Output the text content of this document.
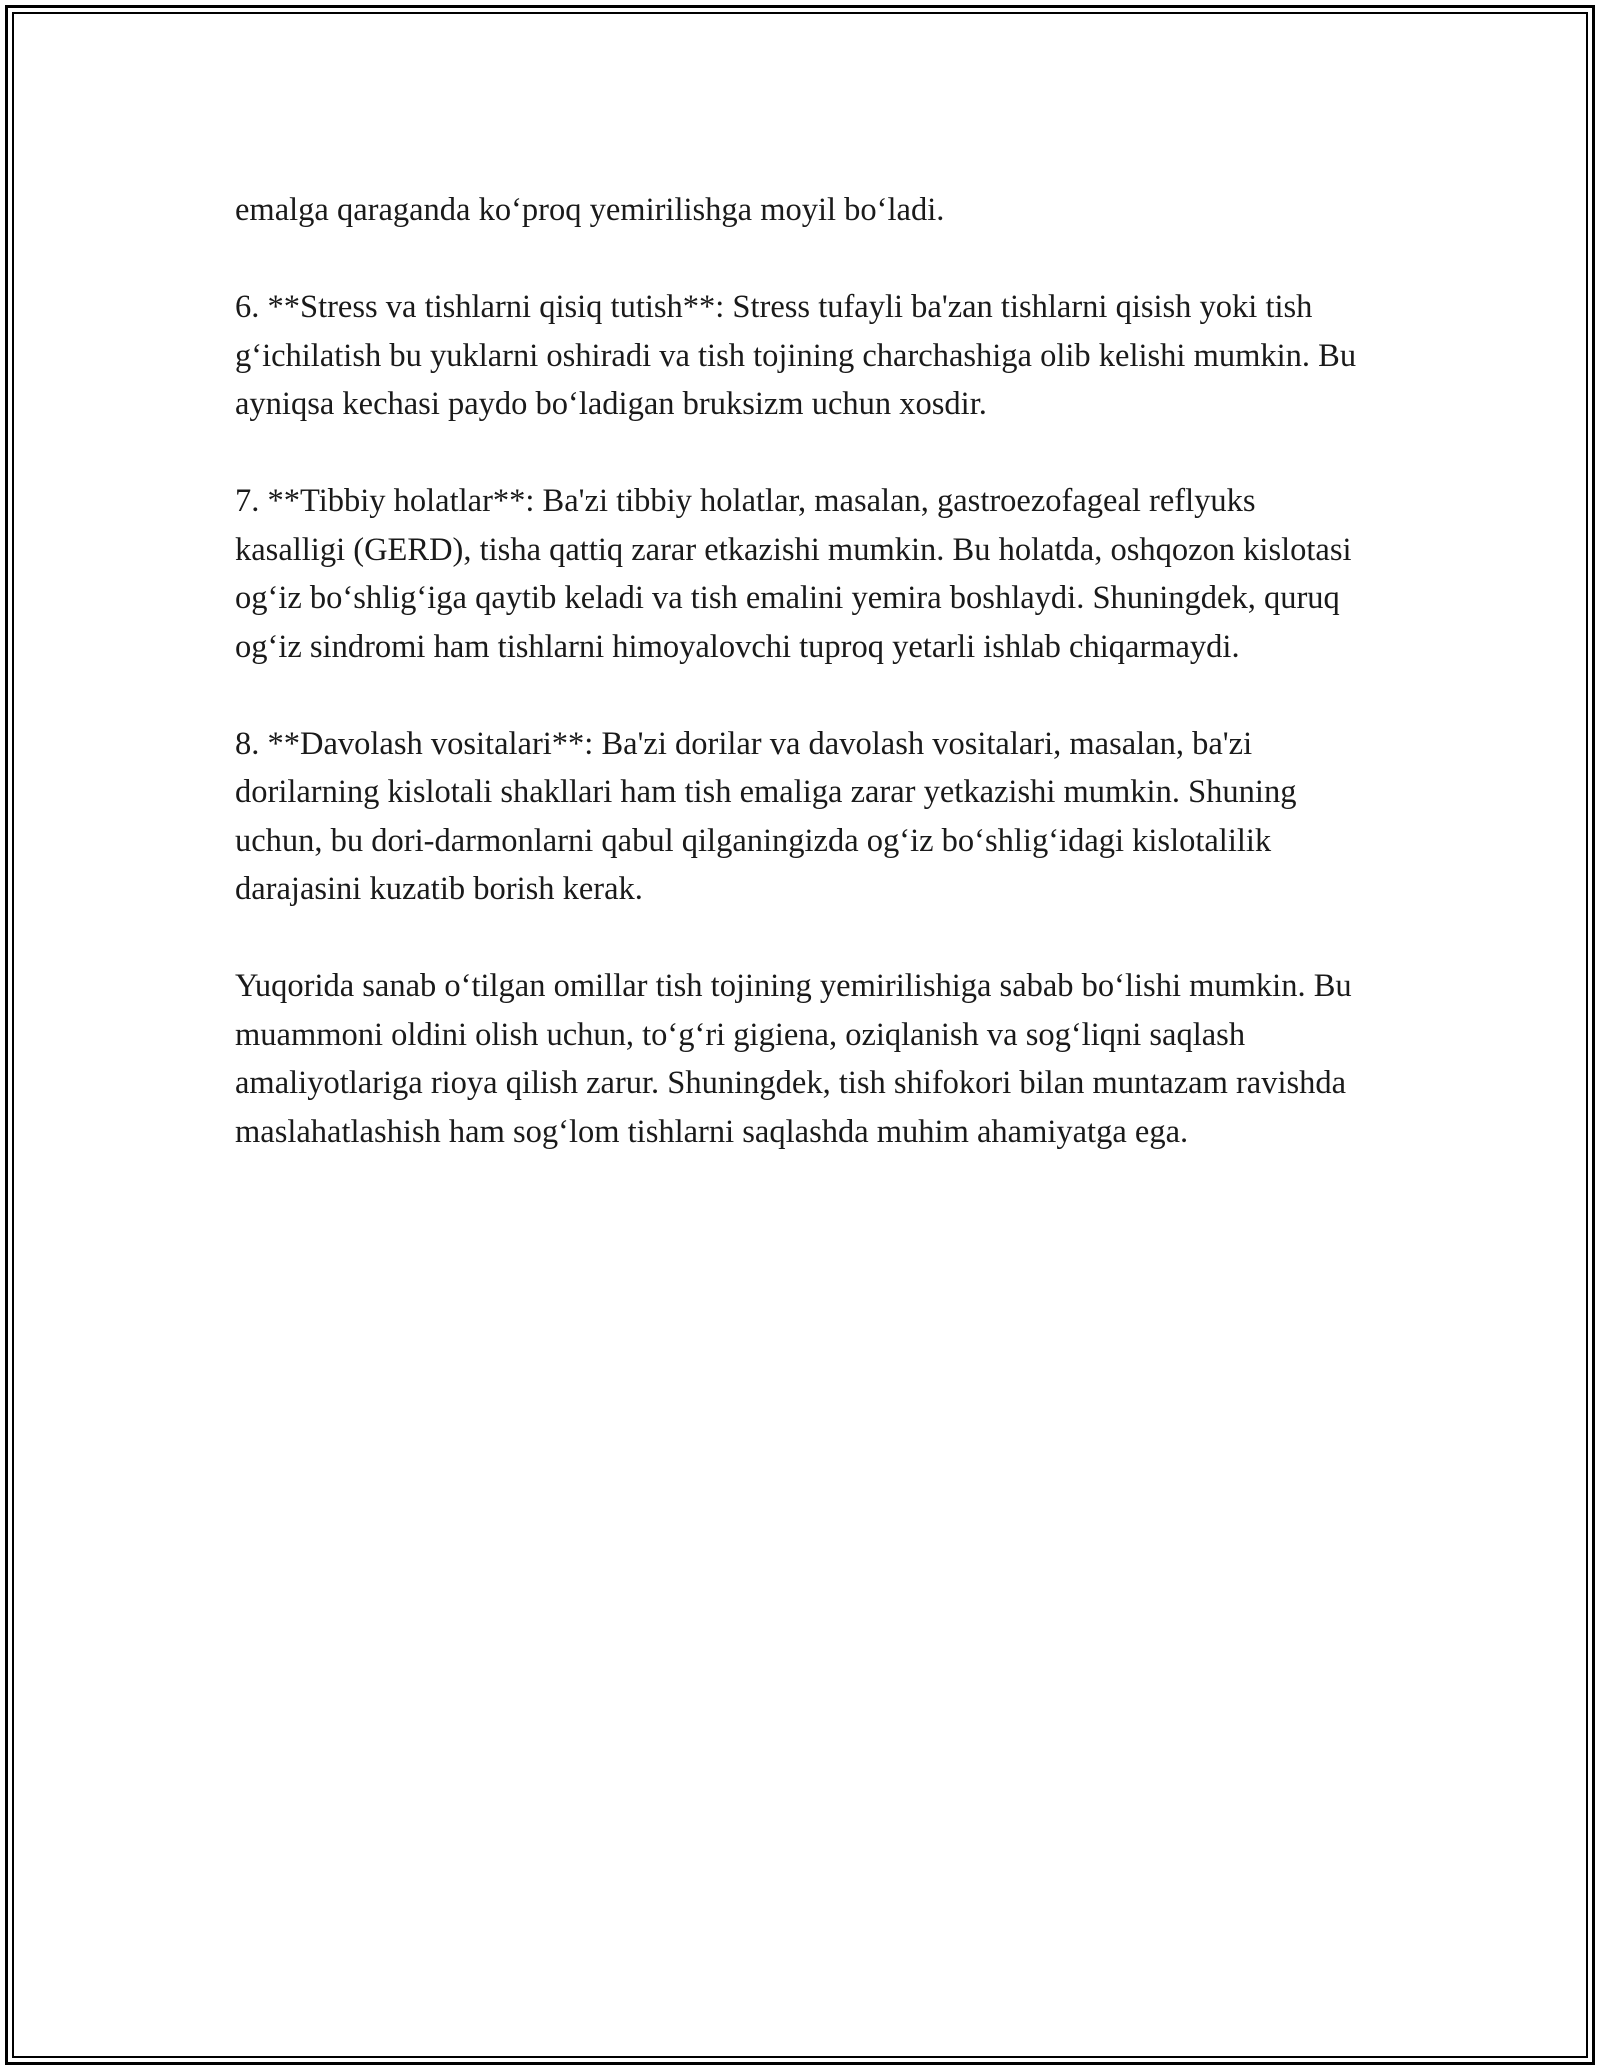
emalga qaraganda ko‘proq yemirilishga moyil bo‘ladi.

6. **Stress va tishlarni qisiq tutish**: Stress tufayli ba'zan tishlarni qisish yoki tish g‘ichilatish bu yuklarni oshiradi va tish tojining charchashiga olib kelishi mumkin. Bu ayniqsa kechasi paydo bo‘ladigan bruksizm uchun xosdir.

7. **Tibbiy holatlar**: Ba'zi tibbiy holatlar, masalan, gastroezofageal reflyuks kasalligi (GERD), tisha qattiq zarar etkazishi mumkin. Bu holatda, oshqozon kislotasi og‘iz bo‘shlig‘iga qaytib keladi va tish emalini yemira boshlaydi. Shuningdek, quruq og‘iz sindromi ham tishlarni himoyalovchi tuproq yetarli ishlab chiqarmaydi.

8. **Davolash vositalari**: Ba'zi dorilar va davolash vositalari, masalan, ba'zi dorilarning kislotali shakllari ham tish emaliga zarar yetkazishi mumkin. Shuning uchun, bu dori-darmonlarni qabul qilganingizda og‘iz bo‘shlig‘idagi kislotalilik darajasini kuzatib borish kerak.

Yuqorida sanab o‘tilgan omillar tish tojining yemirilishiga sabab bo‘lishi mumkin. Bu muammoni oldini olish uchun, to‘g‘ri gigiena, oziqlanish va sog‘liqni saqlash amaliyotlariga rioya qilish zarur. Shuningdek, tish shifokori bilan muntazam ravishda maslahatlashish ham sog‘lom tishlarni saqlashda muhim ahamiyatga ega.
